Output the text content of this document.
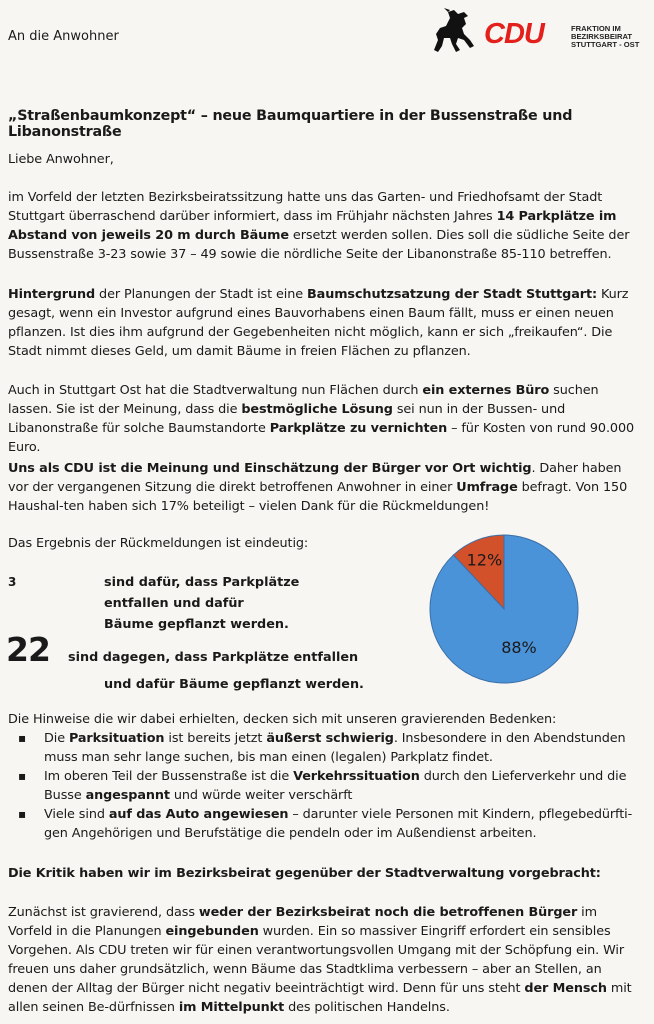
An die Anwohner	CDU	FRAKTION IM
BEZIRKSBEIRAT
STUTTGART - OST
„Straßenbaumkonzept“ – neue Baumquartiere in der Bussenstraße und Libanonstraße
Liebe Anwohner,
im Vorfeld der letzten Bezirksbeiratssitzung hatte uns das Garten- und Friedhofsamt der Stadt Stuttgart überraschend darüber informiert, dass im Frühjahr nächsten Jahres 14 Parkplätze im Abstand von jeweils 20 m durch Bäume ersetzt werden sollen. Dies soll die südliche Seite der Bussenstraße 3-23 sowie 37 – 49 sowie die nördliche Seite der Libanonstraße 85-110 betreffen.
Hintergrund der Planungen der Stadt ist eine Baumschutzsatzung der Stadt Stuttgart: Kurz gesagt, wenn ein Investor aufgrund eines Bauvorhabens einen Baum fällt, muss er einen neuen pflanzen. Ist dies ihm aufgrund der Gegebenheiten nicht möglich, kann er sich „freikaufen“. Die Stadt nimmt dieses Geld, um damit Bäume in freien Flächen zu pflanzen.
Auch in Stuttgart Ost hat die Stadtverwaltung nun Flächen durch ein externes Büro suchen lassen. Sie ist der Meinung, dass die bestmögliche Lösung sei nun in der Bussen- und Libanonstraße für solche Baumstandorte Parkplätze zu vernichten – für Kosten von rund 90.000 Euro.
Uns als CDU ist die Meinung und Einschätzung der Bürger vor Ort wichtig. Daher haben vor der vergangenen Sitzung die direkt betroffenen Anwohner in einer Umfrage befragt. Von 150 Haushal-ten haben sich 17% beteiligt – vielen Dank für die Rückmeldungen!
Das Ergebnis der Rückmeldungen ist eindeutig:
3	sind dafür, dass Parkplätze entfallen und dafür
Bäume gepflanzt werden.
22 sind dagegen, dass Parkplätze entfallen
und dafür Bäume gepflanzt werden.
12%
88%
Die Hinweise die wir dabei erhielten, decken sich mit unseren gravierenden Bedenken:
▪ Die Parksituation ist bereits jetzt äußerst schwierig. Insbesondere in den Abendstunden muss man sehr lange suchen, bis man einen (legalen) Parkplatz findet.
▪ Im oberen Teil der Bussenstraße ist die Verkehrssituation durch den Lieferverkehr und die Busse angespannt und würde weiter verschärft
▪ Viele sind auf das Auto angewiesen – darunter viele Personen mit Kindern, pflegebedürfti-gen Angehörigen und Berufstätige die pendeln oder im Außendienst arbeiten.
Die Kritik haben wir im Bezirksbeirat gegenüber der Stadtverwaltung vorgebracht:
Zunächst ist gravierend, dass weder der Bezirksbeirat noch die betroffenen Bürger im Vorfeld in die Planungen eingebunden wurden. Ein so massiver Eingriff erfordert ein sensibles Vorgehen. Als CDU treten wir für einen verantwortungsvollen Umgang mit der Schöpfung ein. Wir freuen uns daher grundsätzlich, wenn Bäume das Stadtklima verbessern – aber an Stellen, an denen der Alltag der Bürger nicht negativ beeinträchtigt wird. Denn für uns steht der Mensch mit allen seinen Be-dürfnissen im Mittelpunkt des politischen Handelns.
